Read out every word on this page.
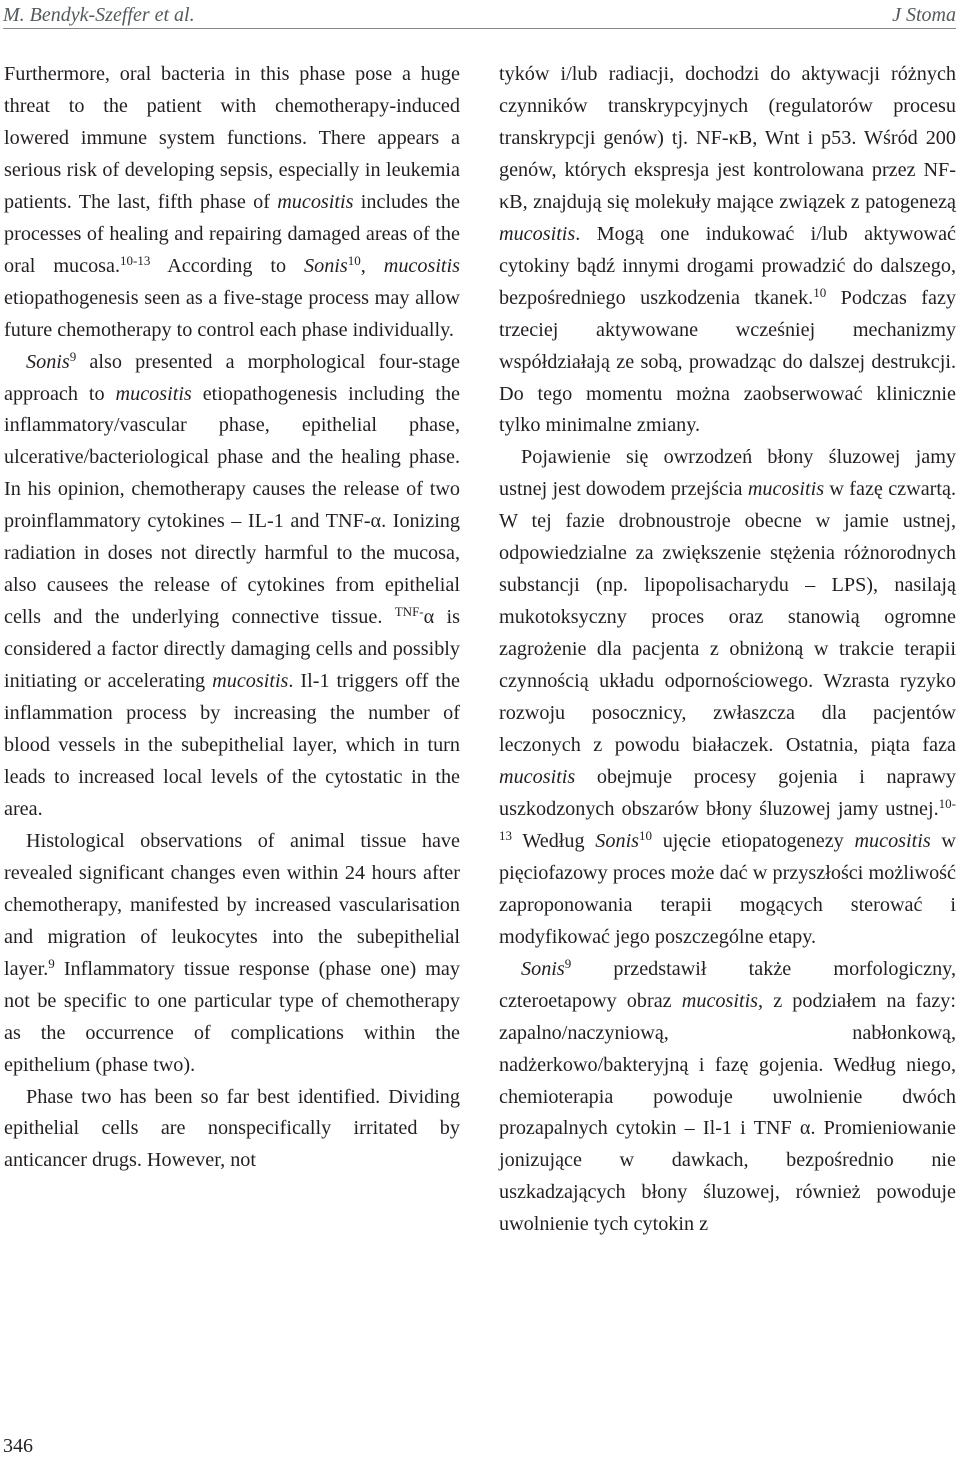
M. Bendyk-Szeffer et al.	J Stoma

Furthermore, oral bacteria in this phase pose a huge threat to the patient with chemotherapy-induced lowered immune system functions. There appears a serious risk of developing sepsis, especially in leukemia patients. The last, fifth phase of mucositis includes the processes of healing and repairing damaged areas of the oral mucosa.$^{10-13}$ According to Sonis$^{10}$, mucositis etiopathogenesis seen as a five-stage process may allow future chemotherapy to control each phase individually.

Sonis$^9$ also presented a morphological four-stage approach to mucositis etiopathogenesis including the inflammatory/vascular phase, epithelial phase, ulcerative/bacteriological phase and the healing phase. In his opinion, chemotherapy causes the release of two proinflammatory cytokines – IL-1 and TNF-α. Ionizing radiation in doses not directly harmful to the mucosa, also causees the release of cytokines from epithelial cells and the underlying connective tissue. $^{TNF-}$α is considered a factor directly damaging cells and possibly initiating or accelerating mucositis. Il-1 triggers off the inflammation process by increasing the number of blood vessels in the subepithelial layer, which in turn leads to increased local levels of the cytostatic in the area.

Histological observations of animal tissue have revealed significant changes even within 24 hours after chemotherapy, manifested by increased vascularisation and migration of leukocytes into the subepithelial layer.$^9$ Inflammatory tissue response (phase one) may not be specific to one particular type of chemotherapy as the occurrence of complications within the epithelium (phase two).

Phase two has been so far best identified. Dividing epithelial cells are nonspecifically irritated by anticancer drugs. However, not

tyków i/lub radiacji, dochodzi do aktywacji różnych czynników transkrypcyjnych (regulatorów procesu transkrypcji genów) tj. NF-κB, Wnt i p53. Wśród 200 genów, których ekspresja jest kontrolowana przez NF-κB, znajdują się molekuły mające związek z patogenezą mucositis. Mogą one indukować i/lub aktywować cytokiny bądź innymi drogami prowadzić do dalszego, bezpośredniego uszkodzenia tkanek.$^{10}$ Podczas fazy trzeciej aktywowane wcześniej mechanizmy współdziałają ze sobą, prowadząc do dalszej destrukcji. Do tego momentu można zaobserwować klinicznie tylko minimalne zmiany.

Pojawienie się owrzodzeń błony śluzowej jamy ustnej jest dowodem przejścia mucositis w fazę czwartą. W tej fazie drobnoustroje obecne w jamie ustnej, odpowiedzialne za zwiększenie stężenia różnorodnych substancji (np. lipopolisacharydu – LPS), nasilają mukotoksyczny proces oraz stanowią ogromne zagrożenie dla pacjenta z obniżoną w trakcie terapii czynnością układu odpornościowego. Wzrasta ryzyko rozwoju posocznicy, zwłaszcza dla pacjentów leczonych z powodu białaczek. Ostatnia, piąta faza mucositis obejmuje procesy gojenia i naprawy uszkodzonych obszarów błony śluzowej jamy ustnej.$^{10-13}$ Według Sonis$^{10}$ ujęcie etiopatogenezy mucositis w pięciofazowy proces może dać w przyszłości możliwość zaproponowania terapii mogących sterować i modyfikować jego poszczególne etapy.

Sonis$^9$ przedstawił także morfologiczny, czteroetapowy obraz mucositis, z podziałem na fazy: zapalno/naczyniową, nabłonkową, nadżerkowo/bakteryjną i fazę gojenia. Według niego, chemioterapia powoduje uwolnienie dwóch prozapalnych cytokin – Il-1 i TNF α. Promieniowanie jonizujące w dawkach, bezpośrednio nie uszkadzających błony śluzowej, również powoduje uwolnienie tych cytokin z

346
